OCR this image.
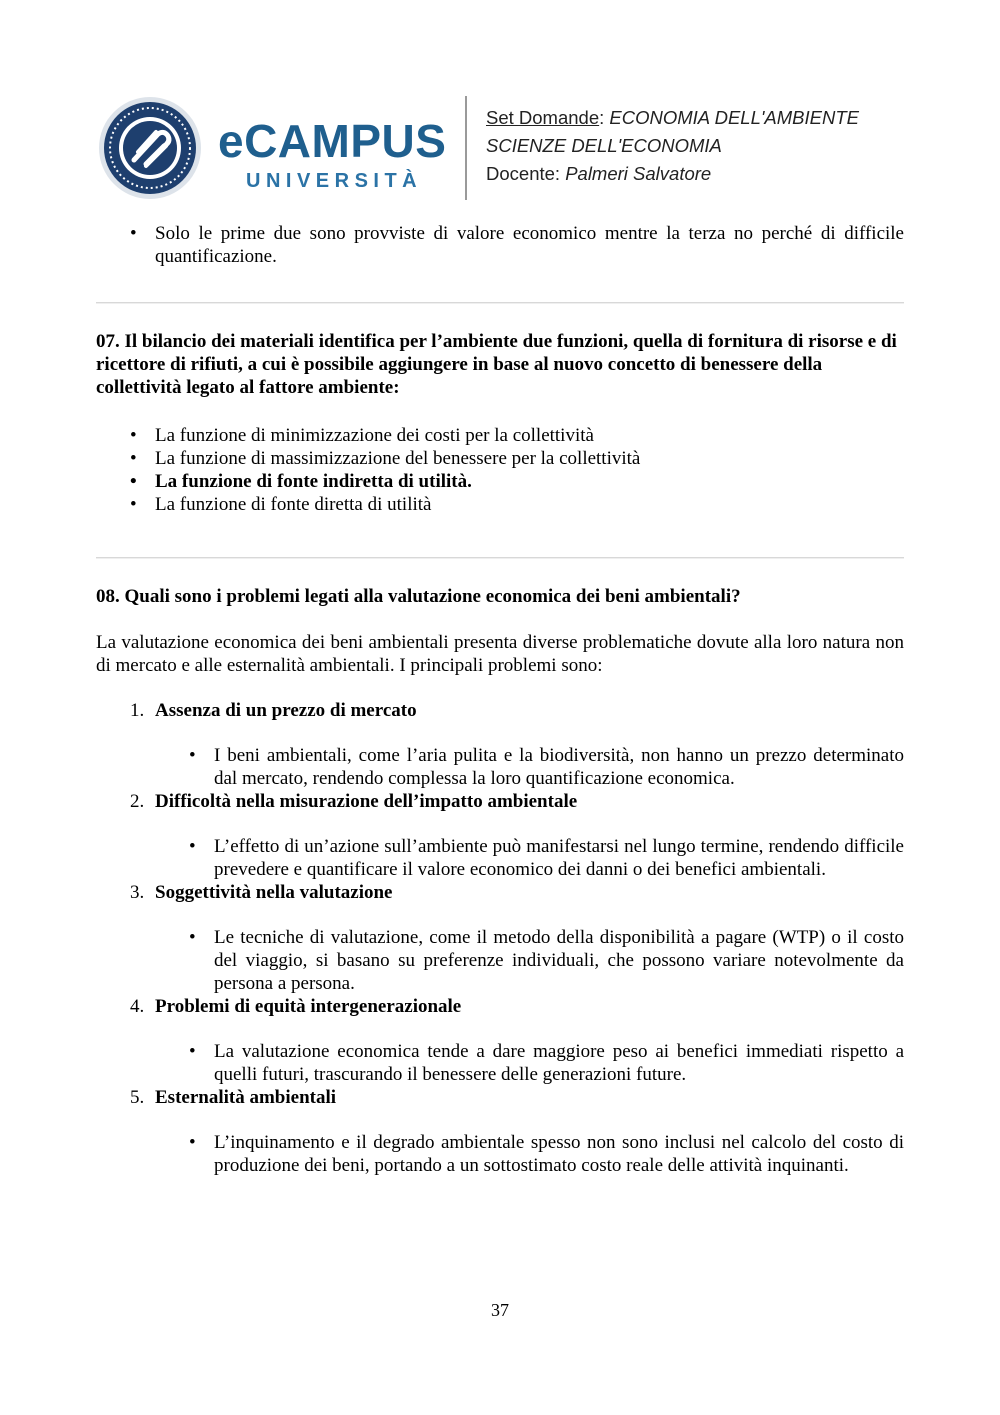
eCAMPUS
UNIVERSITÀ
Set Domande: ECONOMIA DELL'AMBIENTE
SCIENZE DELL'ECONOMIA
Docente: Palmeri Salvatore
• Solo le prime due sono provviste di valore economico mentre la terza no perché di difficile quantificazione.
07. Il bilancio dei materiali identifica per l’ambiente due funzioni, quella di fornitura di risorse e di ricettore di rifiuti, a cui è possibile aggiungere in base al nuovo concetto di benessere della collettività legato al fattore ambiente:
• La funzione di minimizzazione dei costi per la collettività
• La funzione di massimizzazione del benessere per la collettività
• La funzione di fonte indiretta di utilità.
• La funzione di fonte diretta di utilità
08. Quali sono i problemi legati alla valutazione economica dei beni ambientali?
La valutazione economica dei beni ambientali presenta diverse problematiche dovute alla loro natura non di mercato e alle esternalità ambientali. I principali problemi sono:
1. Assenza di un prezzo di mercato
• I beni ambientali, come l’aria pulita e la biodiversità, non hanno un prezzo determinato dal mercato, rendendo complessa la loro quantificazione economica.
2. Difficoltà nella misurazione dell’impatto ambientale
• L’effetto di un’azione sull’ambiente può manifestarsi nel lungo termine, rendendo difficile prevedere e quantificare il valore economico dei danni o dei benefici ambientali.
3. Soggettività nella valutazione
• Le tecniche di valutazione, come il metodo della disponibilità a pagare (WTP) o il costo del viaggio, si basano su preferenze individuali, che possono variare notevolmente da persona a persona.
4. Problemi di equità intergenerazionale
• La valutazione economica tende a dare maggiore peso ai benefici immediati rispetto a quelli futuri, trascurando il benessere delle generazioni future.
5. Esternalità ambientali
• L’inquinamento e il degrado ambientale spesso non sono inclusi nel calcolo del costo di produzione dei beni, portando a un sottostimato costo reale delle attività inquinanti.
37
